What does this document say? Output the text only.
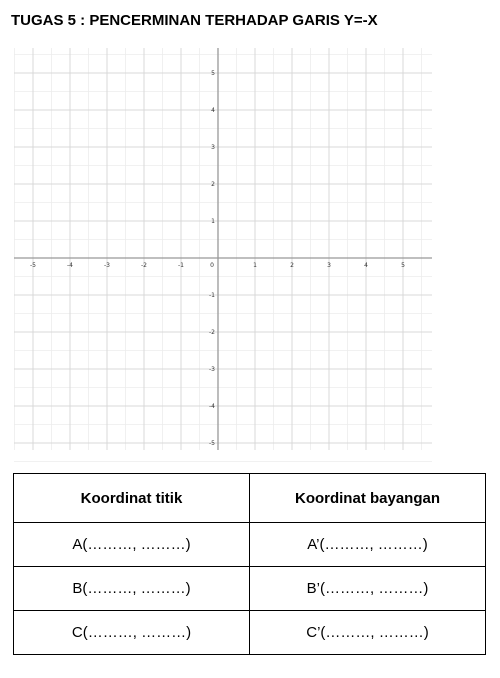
TUGAS 5 : PENCERMINAN TERHADAP GARIS Y=-X
-5	-4	-3	-2	-1	0	1	2	3	4	5
5
4
3
2
1
-1
-2
-3
-4
-5
Koordinat titik	Koordinat bayangan
A(………, ………)	A’(………, ………)
B(………, ………)	B’(………, ………)
C(………, ………)	C’(………, ………)
